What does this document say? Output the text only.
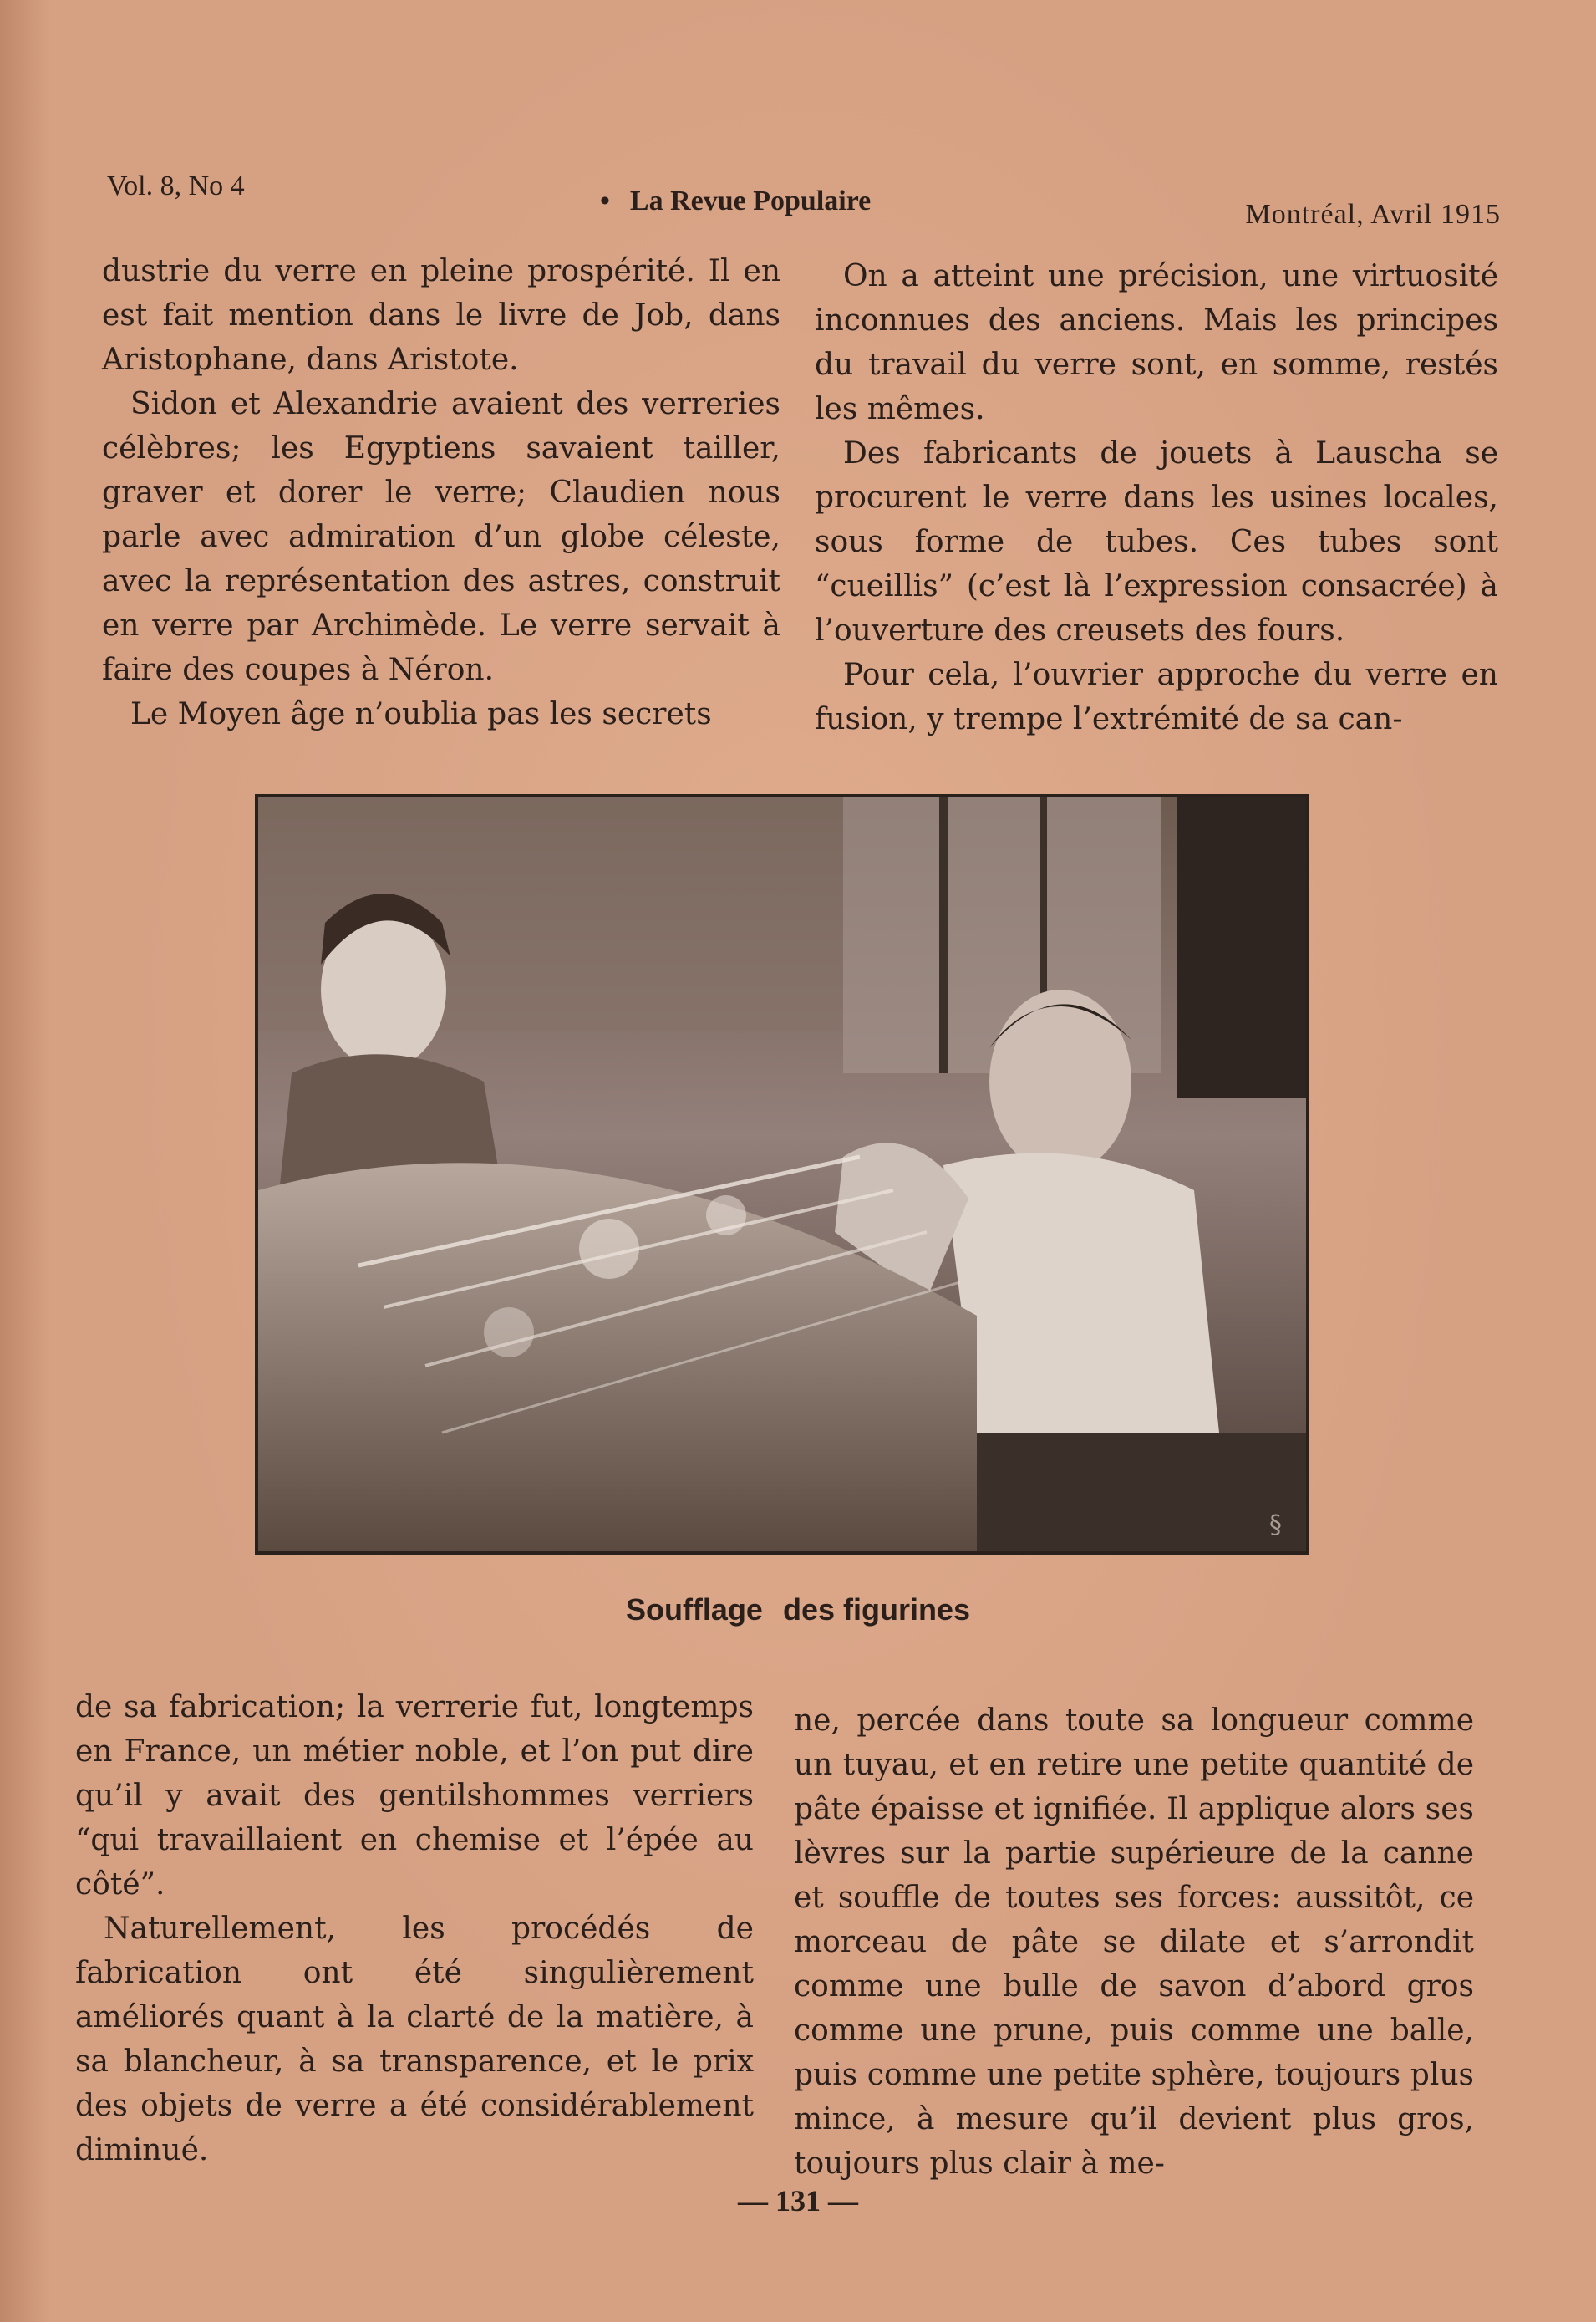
Vol. 8, No 4	• La Revue Populaire	Montréal, Avril 1915

dustrie du verre en pleine prospérité. Il en est fait mention dans le livre de Job, dans Aristophane, dans Aristote.

Sidon et Alexandrie avaient des verreries célèbres; les Egyptiens savaient tailler, graver et dorer le verre; Claudien nous parle avec admiration d’un globe céleste, avec la représentation des astres, construit en verre par Archimède. Le verre servait à faire des coupes à Néron.

Le Moyen âge n’oublia pas les secrets

On a atteint une précision, une virtuosité inconnues des anciens. Mais les principes du travail du verre sont, en somme, restés les mêmes.

Des fabricants de jouets à Lauscha se procurent le verre dans les usines locales, sous forme de tubes. Ces tubes sont “cueillis” (c’est là l’expression consacrée) à l’ouverture des creusets des fours.

Pour cela, l’ouvrier approche du verre en fusion, y trempe l’extrémité de sa can-

§
Soufflage des figurines

de sa fabrication; la verrerie fut, longtemps en France, un métier noble, et l’on put dire qu’il y avait des gentilshommes verriers “qui travaillaient en chemise et l’épée au côté”.

Naturellement, les procédés de fabrication ont été singulièrement améliorés quant à la clarté de la matière, à sa blancheur, à sa transparence, et le prix des objets de verre a été considérablement diminué.

ne, percée dans toute sa longueur comme un tuyau, et en retire une petite quantité de pâte épaisse et ignifiée. Il applique alors ses lèvres sur la partie supérieure de la canne et souffle de toutes ses forces: aussitôt, ce morceau de pâte se dilate et s’arrondit comme une bulle de savon d’abord gros comme une prune, puis comme une balle, puis comme une petite sphère, toujours plus mince, à mesure qu’il devient plus gros, toujours plus clair à me-

— 131 —
